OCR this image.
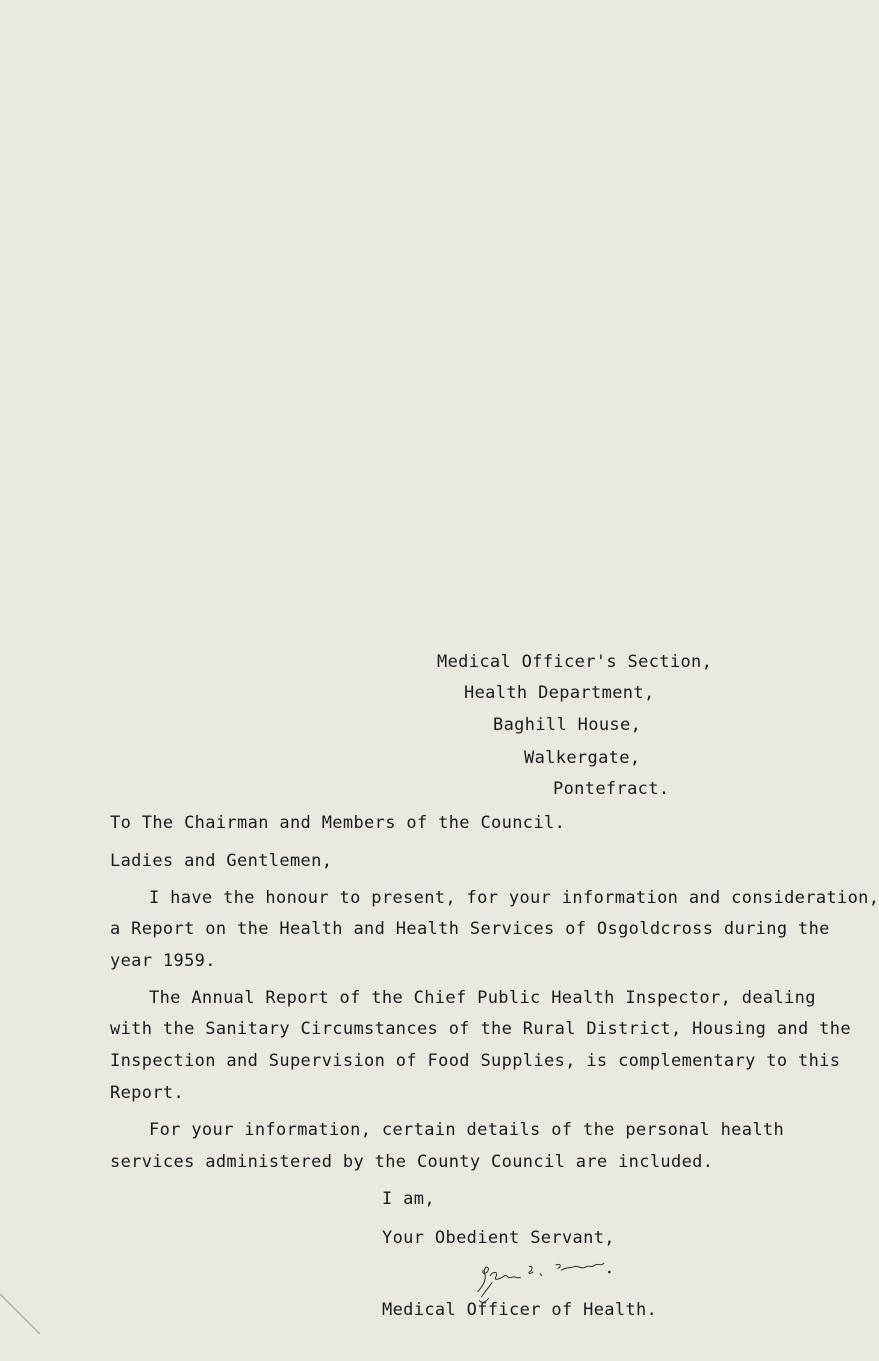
Medical Officer's Section,
Health Department,
Baghill House,
Walkergate,
Pontefract.
To The Chairman and Members of the Council.
Ladies and Gentlemen,
I have the honour to present, for your information and consideration,
a Report on the Health and Health Services of Osgoldcross during the
year 1959.
The Annual Report of the Chief Public Health Inspector, dealing
with the Sanitary Circumstances of the Rural District, Housing and the
Inspection and Supervision of Food Supplies, is complementary to this
Report.
For your information, certain details of the personal health
services administered by the County Council are included.
I am,
Your Obedient Servant,
Medical Officer of Health.
